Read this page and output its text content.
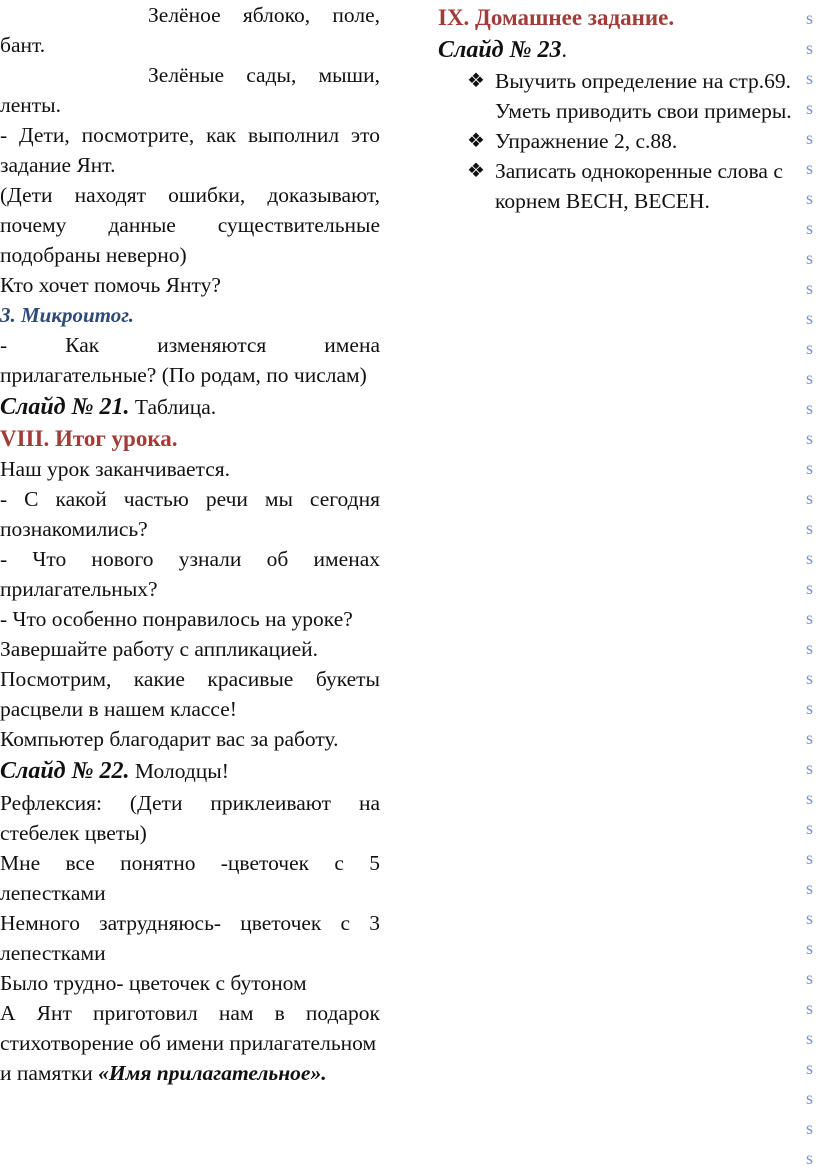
Зелёное яблоко, поле, бант.

Зелёные сады, мыши, ленты.

- Дети, посмотрите, как выполнил это задание Янт.

(Дети находят ошибки, доказывают, почему данные существительные подобраны неверно)

Кто хочет помочь Янту?

3. Микроитог.

- Как изменяются имена прилагательные? (По родам, по числам)

Слайд № 21. Таблица.

VIII. Итог урока.

Наш урок заканчивается.

- С какой частью речи мы сегодня познакомились?

- Что нового узнали об именах прилагательных?

- Что особенно понравилось на уроке?

Завершайте работу с аппликацией.

Посмотрим, какие красивые букеты расцвели в нашем классе!

Компьютер благодарит вас за работу.

Слайд № 22. Молодцы!

Рефлексия: (Дети приклеивают на стебелек цветы)

Мне все понятно -цветочек с 5 лепестками

Немного затрудняюсь- цветочек с 3 лепестками

Было трудно- цветочек с бутоном

А Янт приготовил нам в подарок стихотворение об имени прилагательном

и памятки «Имя прилагательное».

IX. Домашнее задание.

Слайд № 23.

❖ Выучить определение на стр.69.
Уметь приводить свои примеры.
❖ Упражнение 2, с.88.
❖ Записать однокоренные слова с
корнем ВЕСН, ВЕСЕН.
s
s
s
s
s
s
s
s
s
s
s
s
s
s
s
s
s
s
s
s
s
s
s
s
s
s
s
s
s
s
s
s
s
s
s
s
s
s
s
